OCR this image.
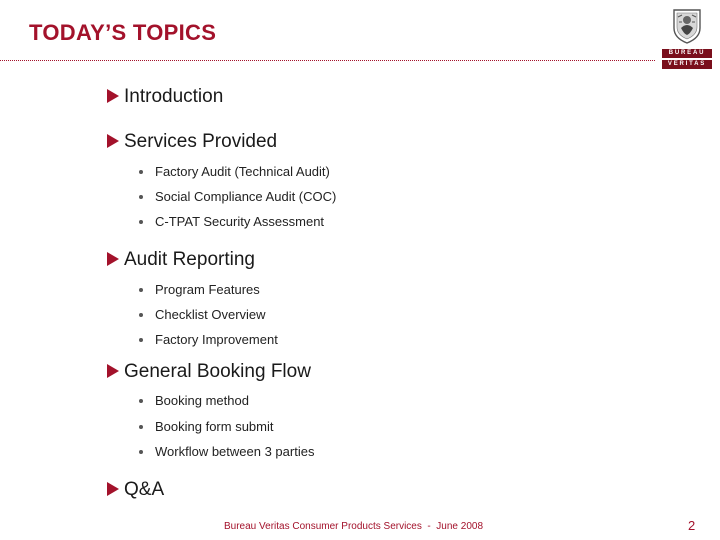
TODAY’S TOPICS
BUREAU
VERITAS
Introduction
Services Provided
Factory Audit (Technical Audit)
Social Compliance Audit (COC)
C-TPAT Security Assessment
Audit Reporting
Program Features
Checklist Overview
Factory Improvement
General Booking Flow
Booking method
Booking form submit
Workflow between 3 parties
Q&A
Bureau Veritas Consumer Products Services  -  June 2008	2
